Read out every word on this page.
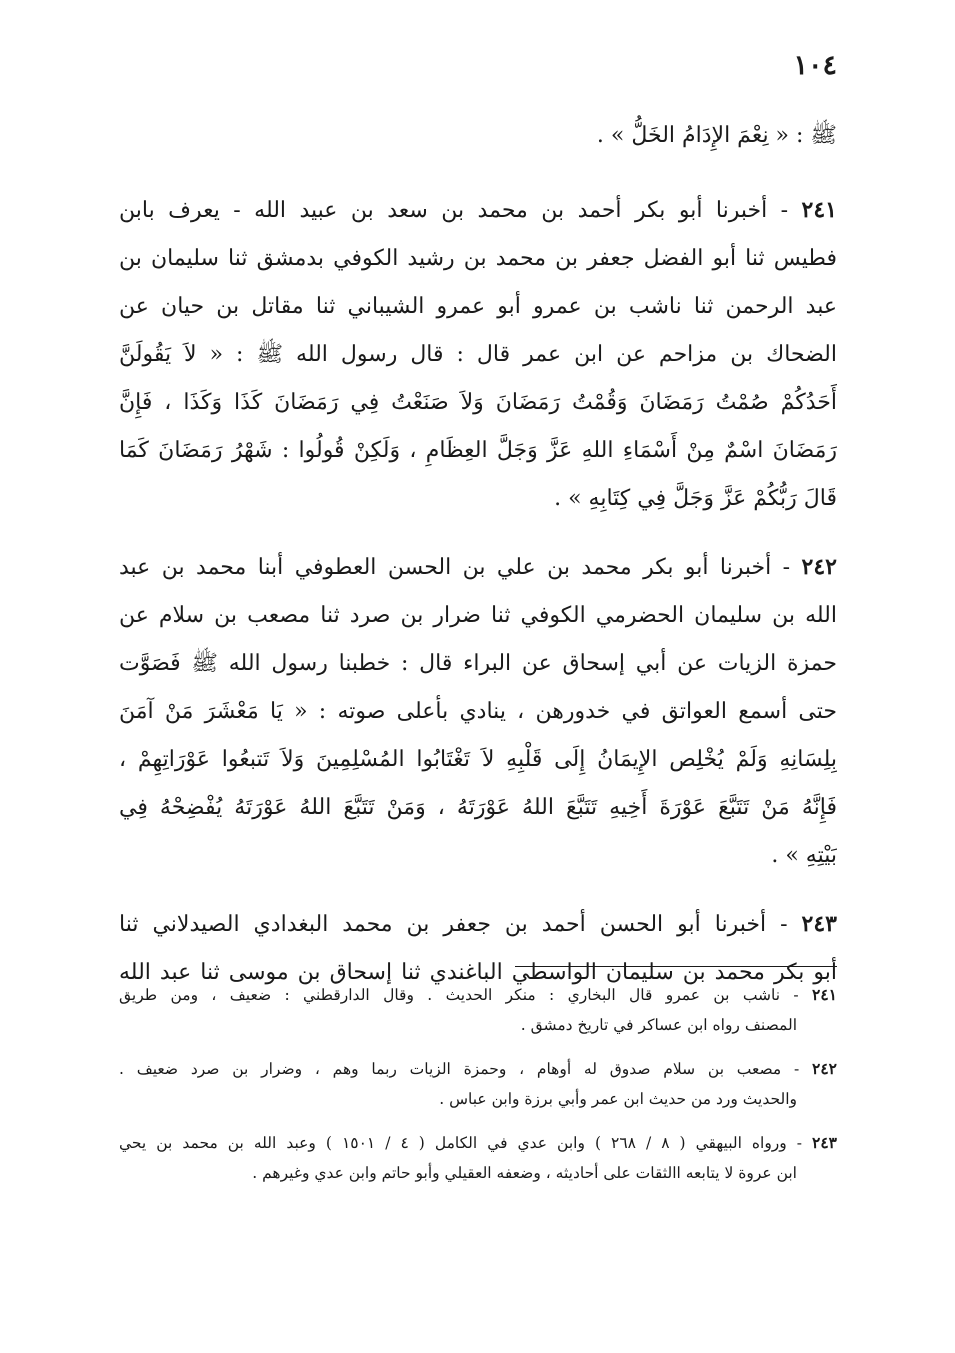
١٠٤
ﷺ : « نِعْمَ الإِدَامُ الخَلُّ » .
٢٤١ - أخبرنا أبو بكر أحمد بن محمد بن سعد بن عبيد الله - يعرف بابن
فطيس ثنا أبو الفضل جعفر بن محمد بن رشيد الكوفي بدمشق ثنا سليمان بن
عبد الرحمن ثنا ناشب بن عمرو أبو عمرو الشيباني ثنا مقاتل بن حيان عن
الضحاك بن مزاحم عن ابن عمر قال : قال رسول الله ﷺ : « لاَ يَقُولَنَّ
أَحَدُكُمْ صُمْتُ رَمَضَانَ وَقُمْتُ رَمَضَانَ وَلاَ صَنَعْتُ فِي رَمَضَانَ كَذَا وَكَذَا ، فَإِنَّ
رَمَضَانَ اسْمٌ مِنْ أَسْمَاءِ اللهِ عَزَّ وَجَلَّ العِظَامِ ، وَلَكِنْ قُولُوا : شَهْرُ رَمَضَانَ كَمَا
قَالَ رَبُّكُمْ عَزَّ وَجَلَّ فِي كِتَابِهِ » .
٢٤٢ - أخبرنا أبو بكر محمد بن علي بن الحسن العطوفي أبنا محمد بن عبد
الله بن سليمان الحضرمي الكوفي ثنا ضرار بن صرد ثنا مصعب بن سلام عن
حمزة الزيات عن أبي إسحاق عن البراء قال : خطبنا رسول الله ﷺ فَصَوَّت
حتى أسمع العواتق في خدورهن ، ينادي بأعلى صوته : « يَا مَعْشَرَ مَنْ آمَنَ
بِلِسَانِهِ وَلَمْ يُخْلِص الإِيمَانُ إِلَى قَلْبِهِ لاَ تَغْتَابُوا المُسْلِمِينَ وَلاَ تَتبعُوا عَوْرَاتِهِمْ ،
فَإِنَّهُ مَنْ تَتَبَّعَ عَوْرَةَ أَخِيهِ تَتَبَّعَ اللهُ عَوْرَتَهُ ، وَمَنْ تَتَبَّعَ اللهُ عَوْرَتَهُ يُفْضِحْهُ فِي
بَيْتِهِ » .
٢٤٣ - أخبرنا أبو الحسن أحمد بن جعفر بن محمد البغدادي الصيدلاني ثنا
أبو بكر محمد بن سليمان الواسطي الباغندي ثنا إسحاق بن موسى ثنا عبد الله
٢٤١ - ناشب بن عمرو قال البخاري : منكر الحديث . وقال الدارقطني : ضعيف ، ومن طريق
المصنف رواه ابن عساكر في تاريخ دمشق .
٢٤٢ - مصعب بن سلام صدوق له أوهام ، وحمزة الزيات ربما وهم ، وضرار بن صرد ضعيف .
والحديث ورد من حديث ابن عمر وأبي برزة وابن عباس .
٢٤٣ - ورواه البيهقي ( ٨ / ٢٦٨ ) وابن عدي في الكامل ( ٤ / ١٥٠١ ) وعبد الله بن محمد بن يحي
ابن عروة لا يتابعه االثقات على أحاديثه ، وضعفه العقيلي وأبو حاتم وابن عدي وغيرهم .
